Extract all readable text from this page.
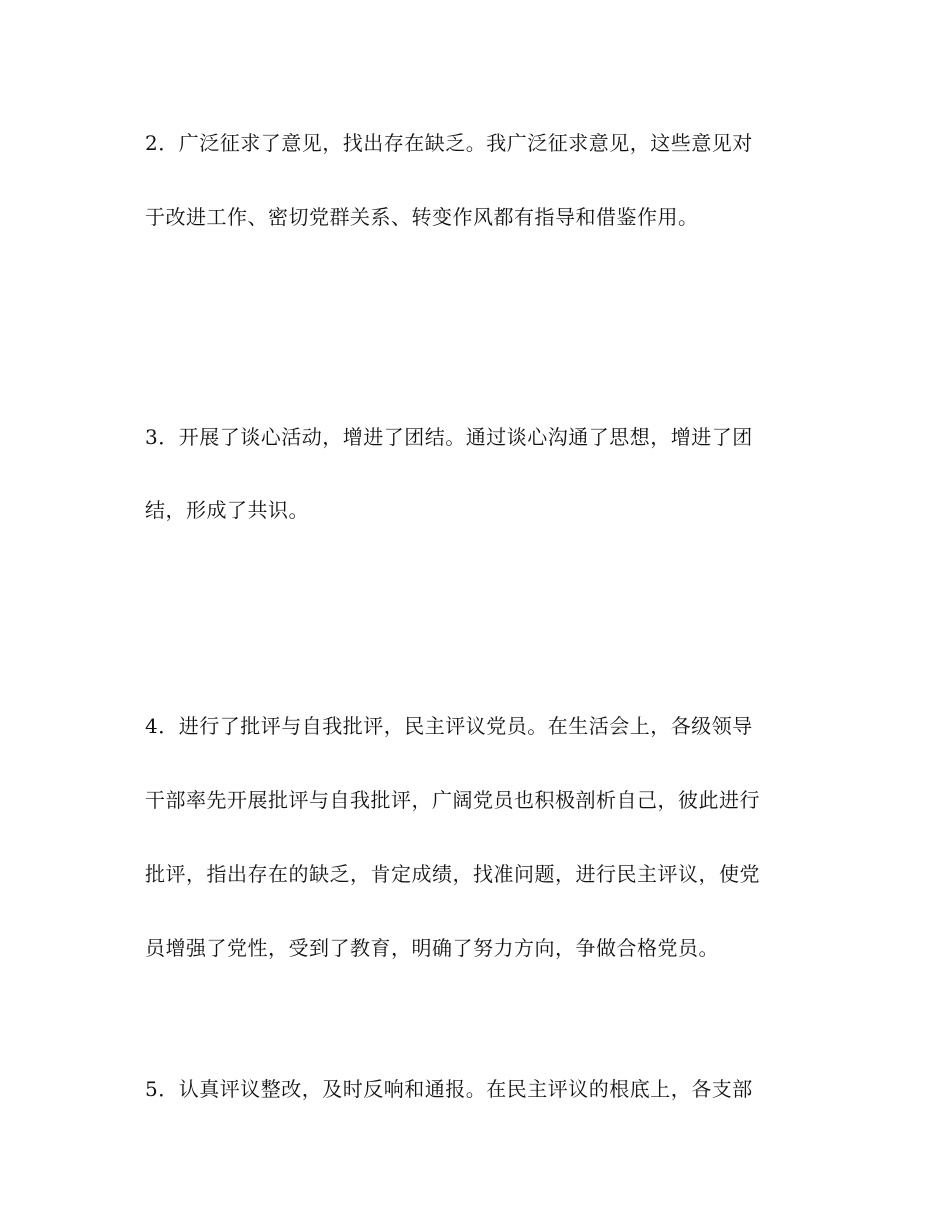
2．广泛征求了意见，找出存在缺乏。我广泛征求意见，这些意见对
于改进工作、密切党群关系、转变作风都有指导和借鉴作用。
3．开展了谈心活动，增进了团结。通过谈心沟通了思想，增进了团
结，形成了共识。
4．进行了批评与自我批评，民主评议党员。在生活会上，各级领导
干部率先开展批评与自我批评，广阔党员也积极剖析自己，彼此进行
批评，指出存在的缺乏，肯定成绩，找准问题，进行民主评议，使党
员增强了党性，受到了教育，明确了努力方向，争做合格党员。
5．认真评议整改，及时反响和通报。在民主评议的根底上，各支部
